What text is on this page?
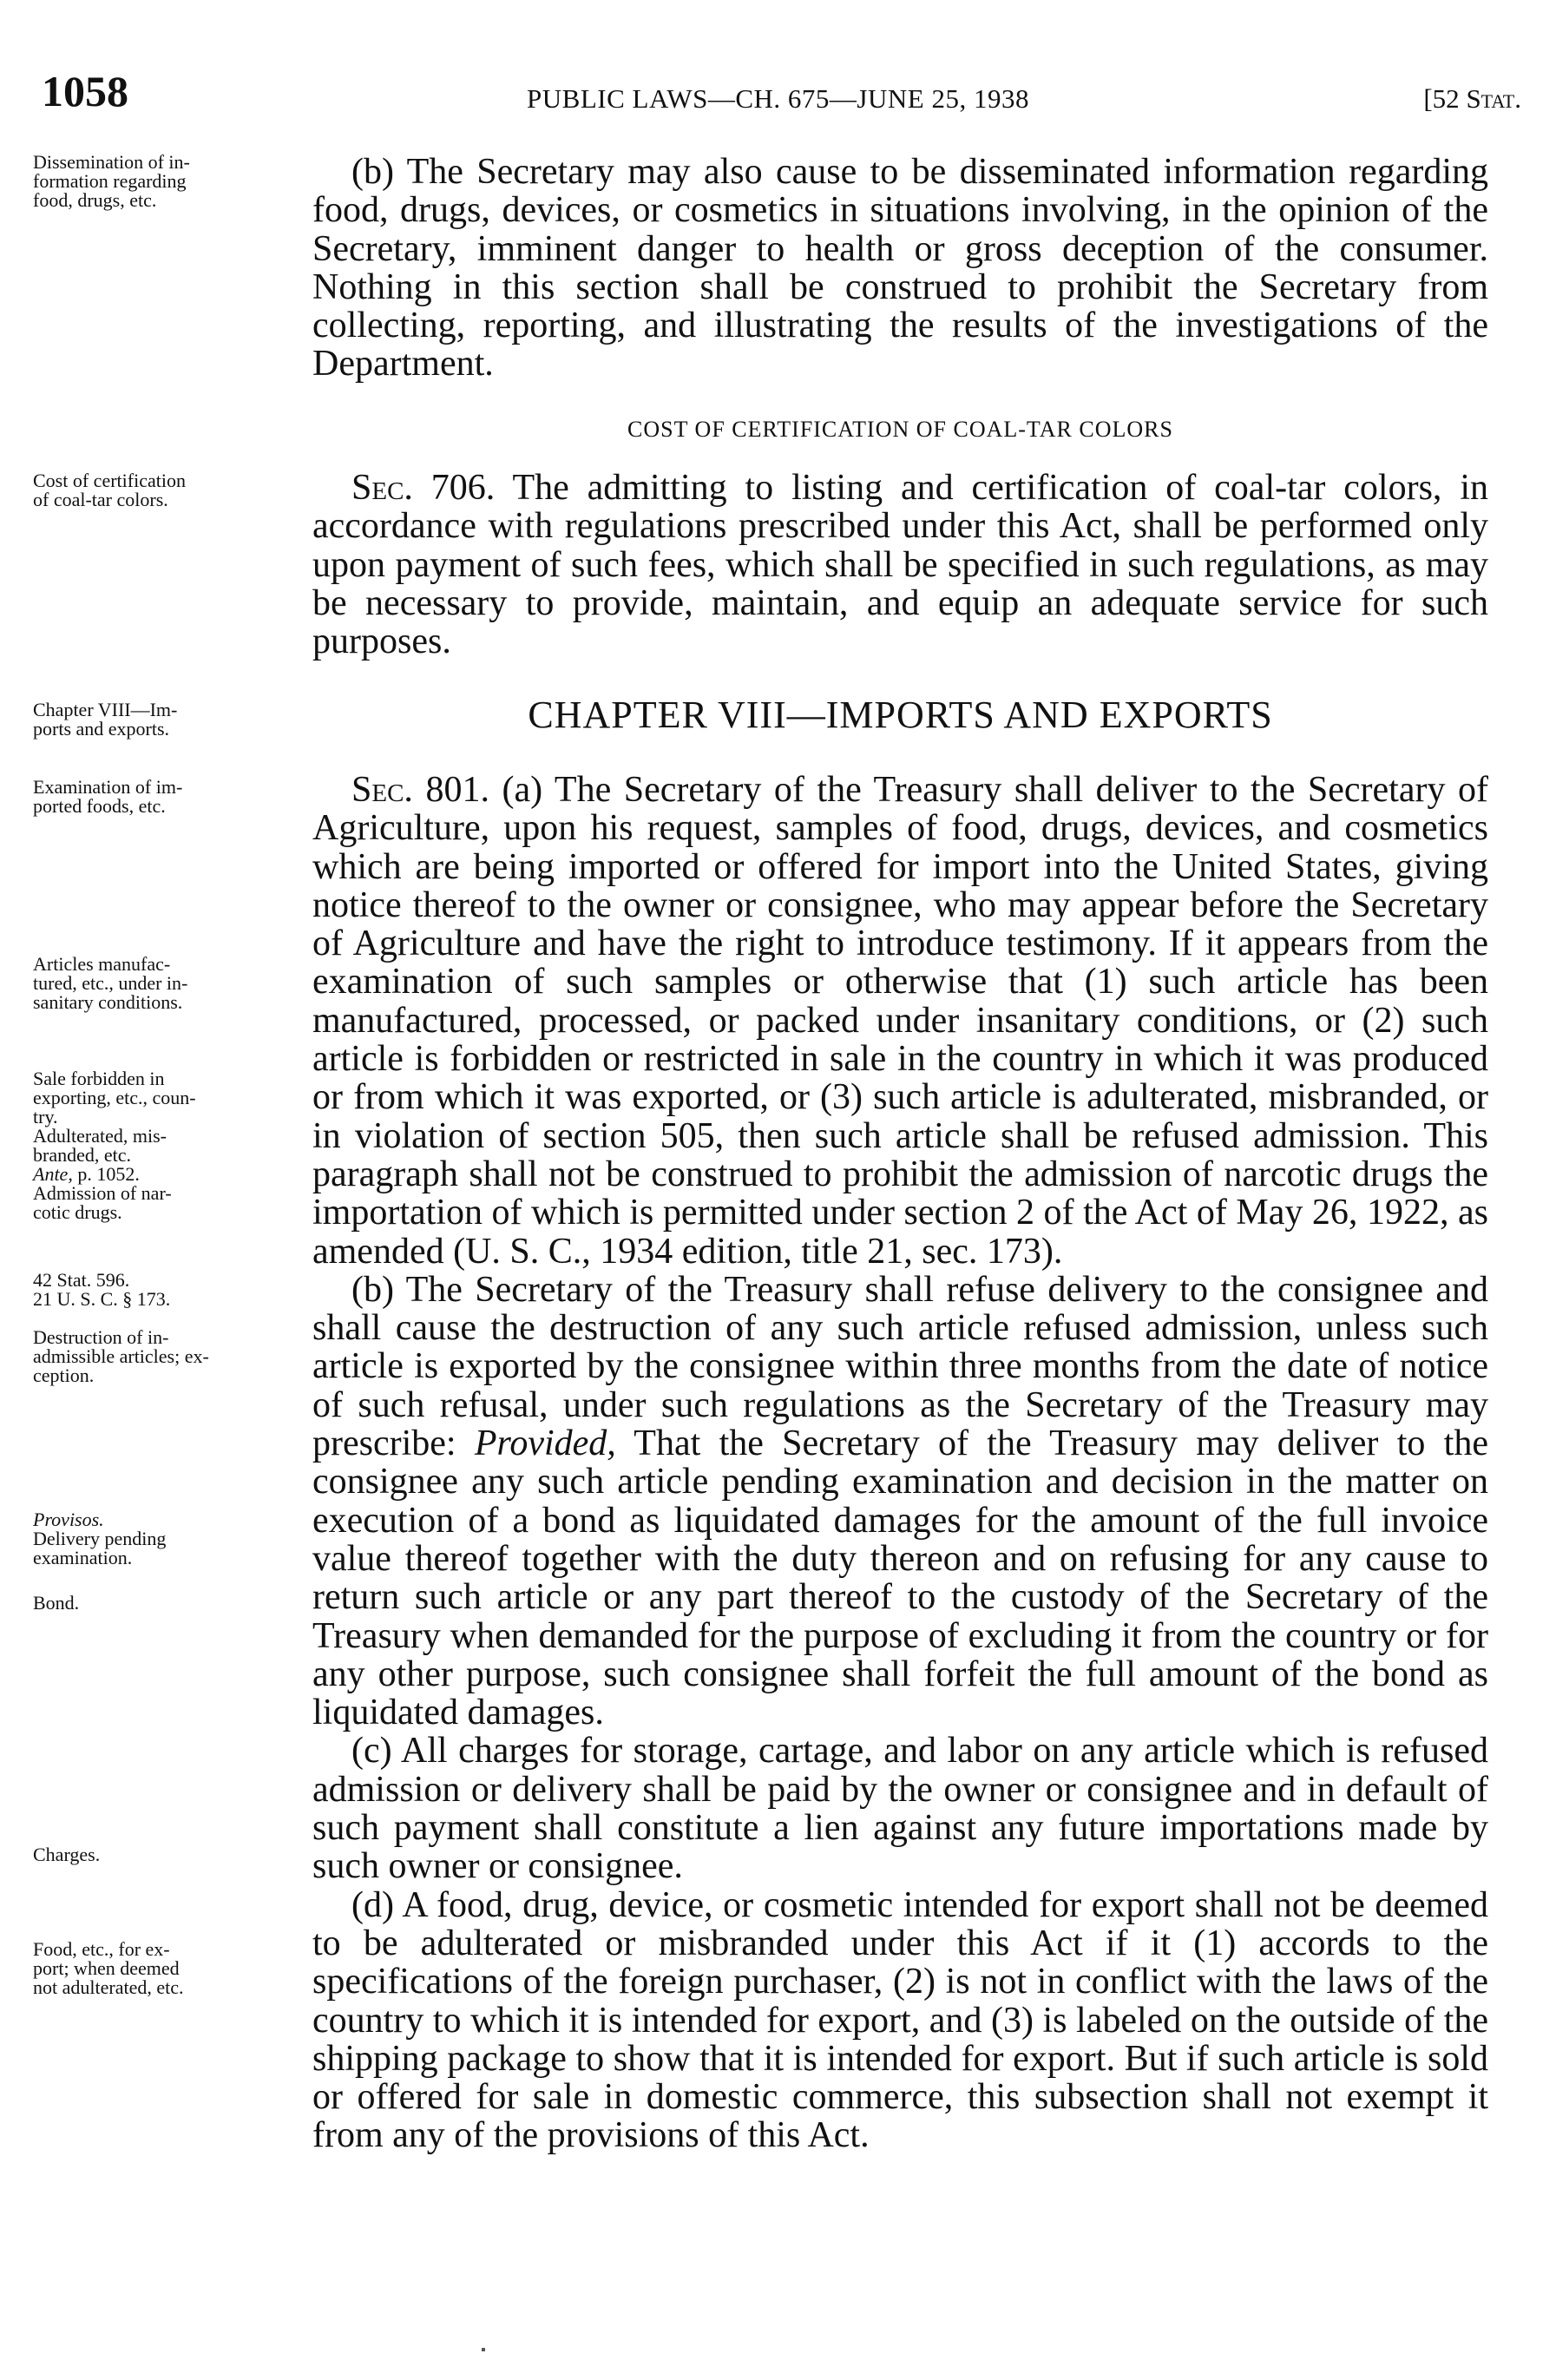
1058	PUBLIC LAWS—CH. 675—JUNE 25, 1938	[52 Stat.
Dissemination of in-
formation regarding
food, drugs, etc.
Cost of certification
of coal-tar colors.
Chapter VIII—Im-
ports and exports.
Examination of im-
ported foods, etc.
Articles manufac-
tured, etc., under in-
sanitary conditions.
Sale forbidden in
exporting, etc., coun-
try.
Adulterated, mis-
branded, etc.
Ante, p. 1052.
Admission of nar-
cotic drugs.
42 Stat. 596.
21 U. S. C. § 173.
Destruction of in-
admissible articles; ex-
ception.
Provisos.
Delivery pending
examination.
Bond.
Charges.
Food, etc., for ex-
port; when deemed
not adulterated, etc.

(b) The Secretary may also cause to be disseminated information regarding food, drugs, devices, or cosmetics in situations involving, in the opinion of the Secretary, imminent danger to health or gross deception of the consumer. Nothing in this section shall be construed to prohibit the Secretary from collecting, reporting, and illustrating the results of the investigations of the Department.

COST OF CERTIFICATION OF COAL-TAR COLORS

Sec. 706. The admitting to listing and certification of coal-tar colors, in accordance with regulations prescribed under this Act, shall be performed only upon payment of such fees, which shall be specified in such regulations, as may be necessary to provide, maintain, and equip an adequate service for such purposes.

CHAPTER VIII—IMPORTS AND EXPORTS

Sec. 801. (a) The Secretary of the Treasury shall deliver to the Secretary of Agriculture, upon his request, samples of food, drugs, devices, and cosmetics which are being imported or offered for import into the United States, giving notice thereof to the owner or consignee, who may appear before the Secretary of Agriculture and have the right to introduce testimony. If it appears from the examination of such samples or otherwise that (1) such article has been manufactured, processed, or packed under insanitary conditions, or (2) such article is forbidden or restricted in sale in the country in which it was produced or from which it was exported, or (3) such article is adulterated, misbranded, or in violation of section 505, then such article shall be refused admission. This paragraph shall not be construed to prohibit the admission of narcotic drugs the importation of which is permitted under section 2 of the Act of May 26, 1922, as amended (U. S. C., 1934 edition, title 21, sec. 173).

(b) The Secretary of the Treasury shall refuse delivery to the consignee and shall cause the destruction of any such article refused admission, unless such article is exported by the consignee within three months from the date of notice of such refusal, under such regulations as the Secretary of the Treasury may prescribe: Provided, That the Secretary of the Treasury may deliver to the consignee any such article pending examination and decision in the matter on execution of a bond as liquidated damages for the amount of the full invoice value thereof together with the duty thereon and on refusing for any cause to return such article or any part thereof to the custody of the Secretary of the Treasury when demanded for the purpose of excluding it from the country or for any other purpose, such consignee shall forfeit the full amount of the bond as liquidated damages.

(c) All charges for storage, cartage, and labor on any article which is refused admission or delivery shall be paid by the owner or consignee and in default of such payment shall constitute a lien against any future importations made by such owner or consignee.

(d) A food, drug, device, or cosmetic intended for export shall not be deemed to be adulterated or misbranded under this Act if it (1) accords to the specifications of the foreign purchaser, (2) is not in conflict with the laws of the country to which it is intended for export, and (3) is labeled on the outside of the shipping package to show that it is intended for export. But if such article is sold or offered for sale in domestic commerce, this subsection shall not exempt it from any of the provisions of this Act.
